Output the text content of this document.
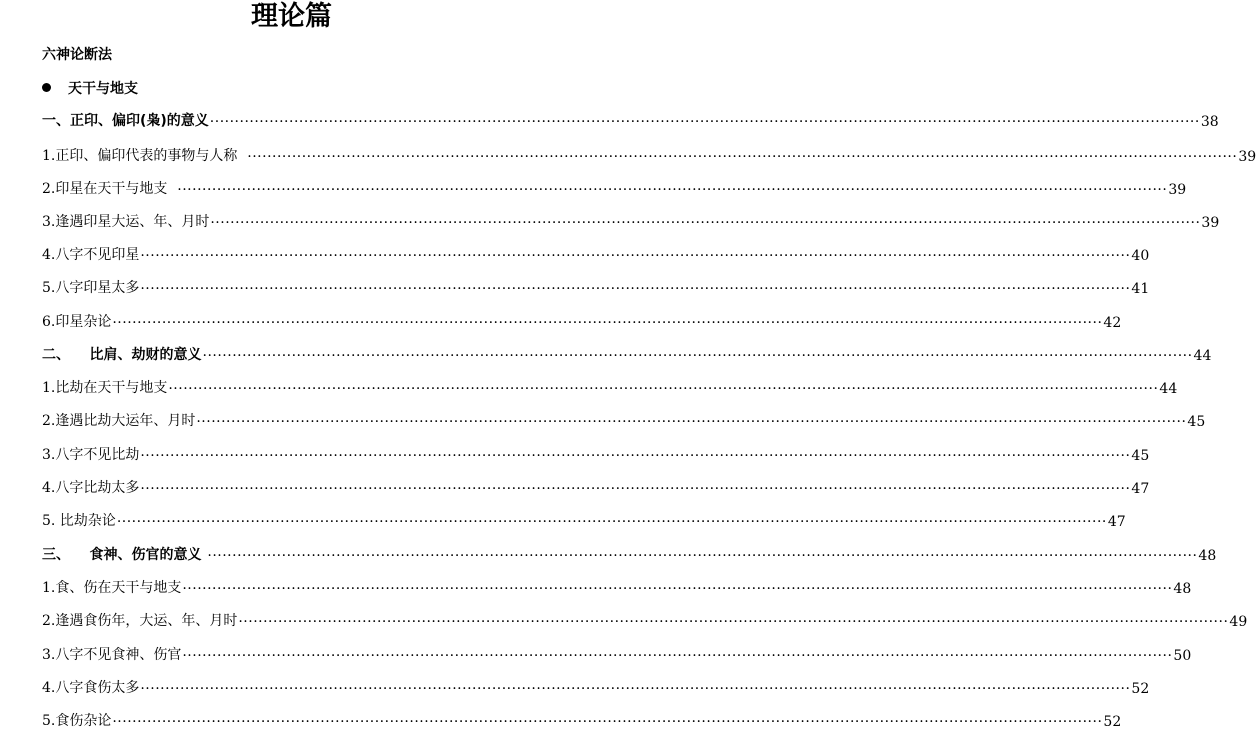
理论篇
六神论断法
天干与地支
一、正印、偏印(枭)的意义 ········································································································································································································ 38
1.正印、偏印代表的事物与人称 ········································································································································································································ 39
2.印星在天干与地支 ········································································································································································································ 39
3.逢遇印星大运、年、月时 ········································································································································································································ 39
4.八字不见印星 ········································································································································································································ 40
5.八字印星太多 ········································································································································································································ 41
6.印星杂论 ········································································································································································································ 42
二、    比肩、劫财的意义 ········································································································································································································ 44
1.比劫在天干与地支 ········································································································································································································ 44
2.逢遇比劫大运年、月时 ········································································································································································································ 45
3.八字不见比劫 ········································································································································································································ 45
4.八字比劫太多 ········································································································································································································ 47
5. 比劫杂论 ········································································································································································································ 47
三、    食神、伤官的意义 ········································································································································································································ 48
1.食、伤在天干与地支 ········································································································································································································ 48
2.逢遇食伤年，大运、年、月时 ········································································································································································································ 49
3.八字不见食神、伤官 ········································································································································································································ 50
4.八字食伤太多 ········································································································································································································ 52
5.食伤杂论 ········································································································································································································ 52
